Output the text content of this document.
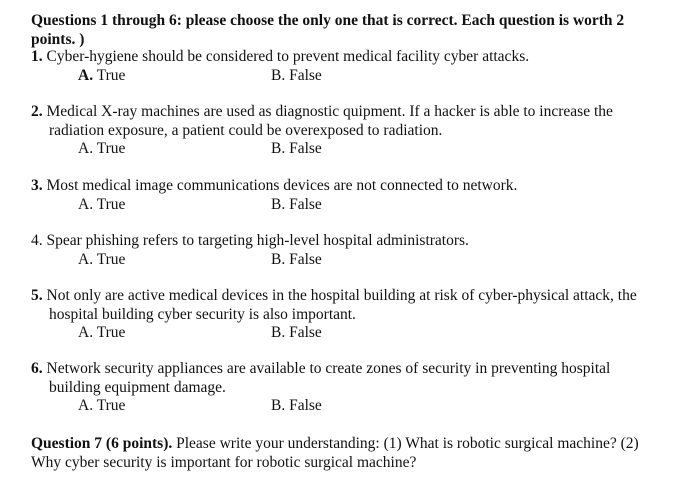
Questions 1 through 6: please choose the only one that is correct. Each question is worth 2
points. )
1. Cyber-hygiene should be considered to prevent medical facility cyber attacks.
A. True	B. False
2. Medical X-ray machines are used as diagnostic quipment. If a hacker is able to increase the
radiation exposure, a patient could be overexposed to radiation.
A. True	B. False
3. Most medical image communications devices are not connected to network.
A. True	B. False
4. Spear phishing refers to targeting high-level hospital administrators.
A. True	B. False
5. Not only are active medical devices in the hospital building at risk of cyber-physical attack, the
hospital building cyber security is also important.
A. True	B. False
6. Network security appliances are available to create zones of security in preventing hospital
building equipment damage.
A. True	B. False
Question 7 (6 points). Please write your understanding: (1) What is robotic surgical machine? (2)
Why cyber security is important for robotic surgical machine?
